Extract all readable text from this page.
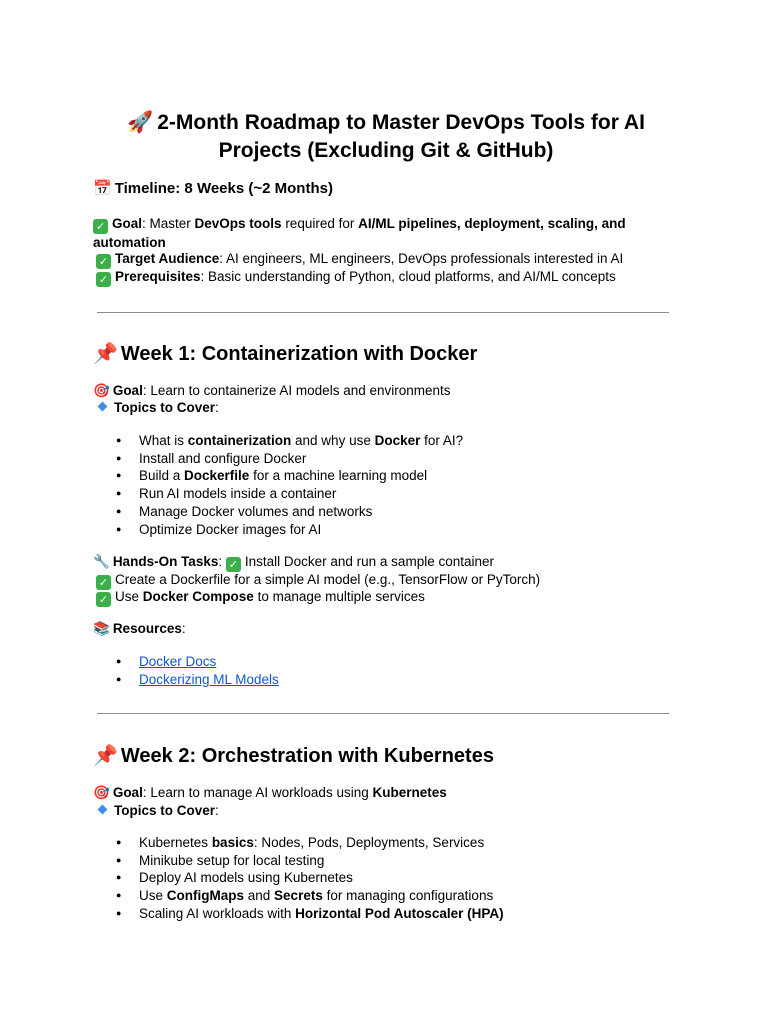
🚀 2-Month Roadmap to Master DevOps Tools for AI
Projects (Excluding Git & GitHub)
📅 Timeline: 8 Weeks (~2 Months)
✓ Goal: Master DevOps tools required for AI/ML pipelines, deployment, scaling, and automation
✓ Target Audience: AI engineers, ML engineers, DevOps professionals interested in AI
✓ Prerequisites: Basic understanding of Python, cloud platforms, and AI/ML concepts
📌 Week 1: Containerization with Docker
🎯 Goal: Learn to containerize AI models and environments
Topics to Cover:
● What is containerization and why use Docker for AI?
● Install and configure Docker
● Build a Dockerfile for a machine learning model
● Run AI models inside a container
● Manage Docker volumes and networks
● Optimize Docker images for AI
🔧 Hands-On Tasks: ✓ Install Docker and run a sample container
✓ Create a Dockerfile for a simple AI model (e.g., TensorFlow or PyTorch)
✓ Use Docker Compose to manage multiple services
📚 Resources:
● Docker Docs
● Dockerizing ML Models
📌 Week 2: Orchestration with Kubernetes
🎯 Goal: Learn to manage AI workloads using Kubernetes
Topics to Cover:
● Kubernetes basics: Nodes, Pods, Deployments, Services
● Minikube setup for local testing
● Deploy AI models using Kubernetes
● Use ConfigMaps and Secrets for managing configurations
● Scaling AI workloads with Horizontal Pod Autoscaler (HPA)
